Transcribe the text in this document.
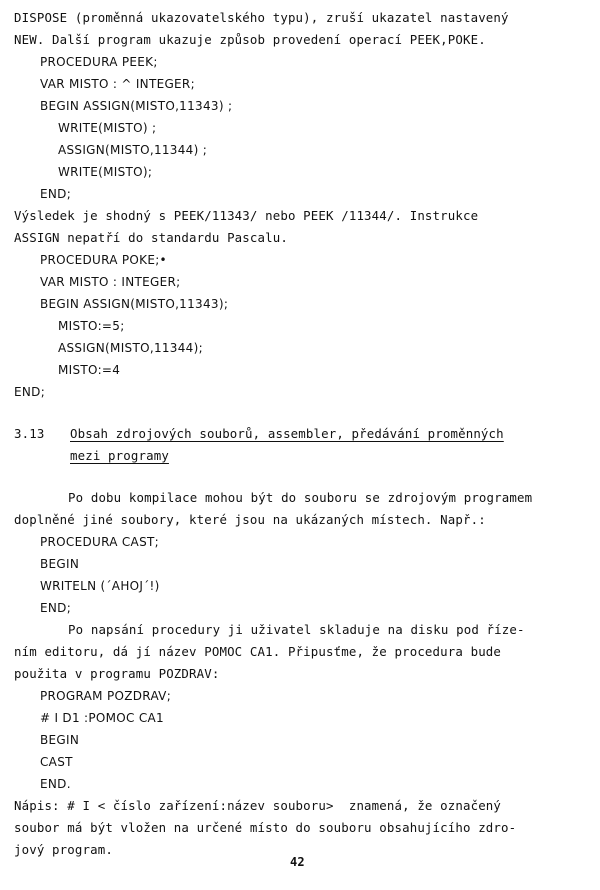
DISPOSE (proměnná ukazovatelského typu), zruší ukazatel nastavený
NEW. Další program ukazuje způsob provedení operací PEEK,POKE.
PROCEDURA PEEK;
VAR MISTO : ^ INTEGER;
BEGIN ASSIGN(MISTO,11343) ;
WRITE(MISTO) ;
ASSIGN(MISTO,11344) ;
WRITE(MISTO);
END;
Výsledek je shodný s PEEK/11343/ nebo PEEK /11344/. Instrukce
ASSIGN nepatří do standardu Pascalu.
PROCEDURA POKE;•
VAR MISTO : INTEGER;
BEGIN ASSIGN(MISTO,11343);
MISTO:=5;
ASSIGN(MISTO,11344);
MISTO:=4
END;
3.13 Obsah zdrojových souborů, assembler, předávání proměnných
mezi programy
Po dobu kompilace mohou být do souboru se zdrojovým programem
doplněné jiné soubory, které jsou na ukázaných místech. Např.:
PROCEDURA CAST;
BEGIN
WRITELN (´AHOJ´!)
END;
Po napsání procedury ji uživatel skladuje na disku pod říze-
ním editoru, dá jí název POMOC CA1. Připusťme, že procedura bude
použita v programu POZDRAV:
PROGRAM POZDRAV;
# I D1 :POMOC CA1
BEGIN
CAST
END.
Nápis: # I < číslo zařízení:název souboru>  znamená, že označený
soubor má být vložen na určené místo do souboru obsahujícího zdro-
jový program.
42
